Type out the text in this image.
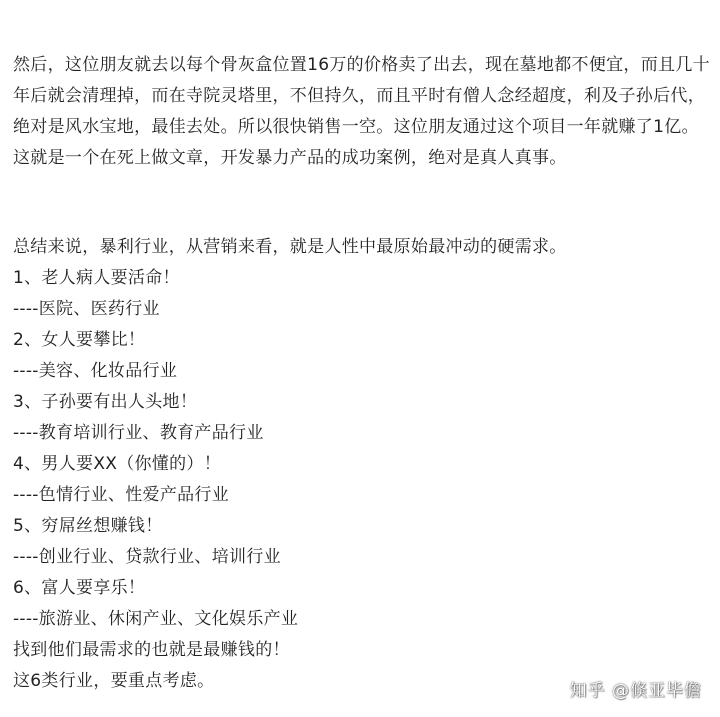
然后，这位朋友就去以每个骨灰盒位置16万的价格卖了出去，现在墓地都不便宜，而且几十年后就会清理掉，而在寺院灵塔里，不但持久，而且平时有僧人念经超度，利及子孙后代，绝对是风水宝地，最佳去处。所以很快销售一空。这位朋友通过这个项目一年就赚了1亿。这就是一个在死上做文章，开发暴力产品的成功案例，绝对是真人真事。

总结来说，暴利行业，从营销来看，就是人性中最原始最冲动的硬需求。

1、老人病人要活命！

----医院、医药行业

2、女人要攀比！

----美容、化妆品行业

3、子孙要有出人头地！

----教育培训行业、教育产品行业

4、男人要XX（你懂的）！

----色情行业、性爱产品行业

5、穷屌丝想赚钱！

----创业行业、贷款行业、培训行业

6、富人要享乐！

----旅游业、休闲产业、文化娱乐产业

找到他们最需求的也就是最赚钱的！

这6类行业，要重点考虑。	知乎 @倏亚毕儋
